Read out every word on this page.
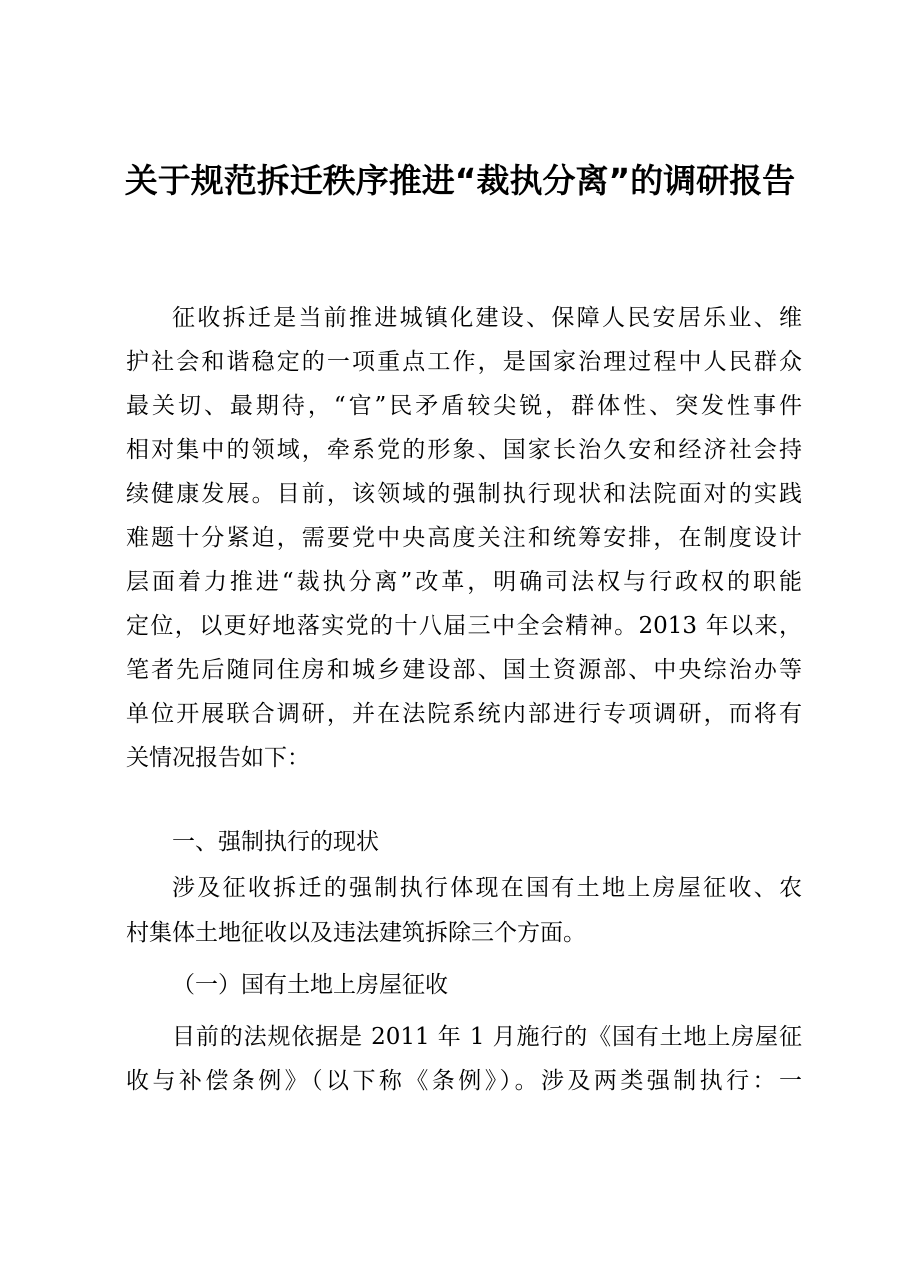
关于规范拆迁秩序推进“裁执分离”的调研报告

征收拆迁是当前推进城镇化建设、保障人民安居乐业、维

护社会和谐稳定的一项重点工作，是国家治理过程中人民群众

最关切、最期待，“官”民矛盾较尖锐，群体性、突发性事件

相对集中的领域，牵系党的形象、国家长治久安和经济社会持

续健康发展。目前，该领域的强制执行现状和法院面对的实践

难题十分紧迫，需要党中央高度关注和统筹安排，在制度设计

层面着力推进“裁执分离”改革，明确司法权与行政权的职能

定位，以更好地落实党的十八届三中全会精神。2013 年以来，

笔者先后随同住房和城乡建设部、国土资源部、中央综治办等

单位开展联合调研，并在法院系统内部进行专项调研，而将有

关情况报告如下：

一、强制执行的现状

涉及征收拆迁的强制执行体现在国有土地上房屋征收、农

村集体土地征收以及违法建筑拆除三个方面。

（一）国有土地上房屋征收

目前的法规依据是 2011 年 1 月施行的《国有土地上房屋征

收与补偿条例》（以下称《条例》）。涉及两类强制执行：一
